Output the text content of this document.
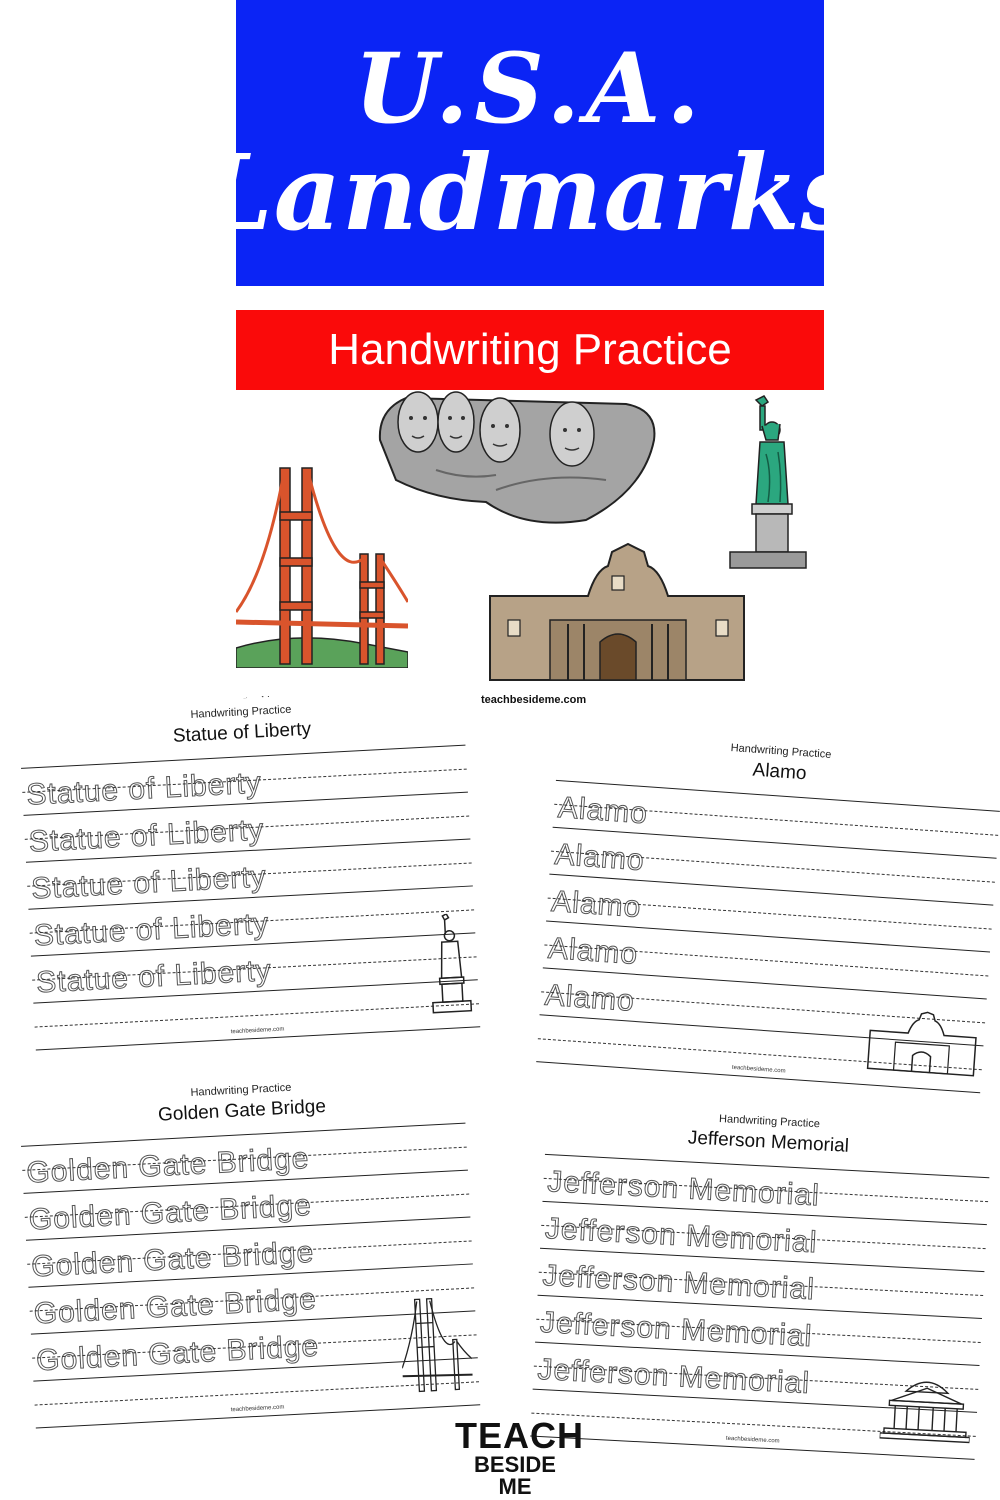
U.S.A.
Landmarks
Handwriting Practice
teachbesideme.com
Handwriting Practice
Statue of Liberty
Statue of Liberty
Statue of Liberty
Statue of Liberty
Statue of Liberty
Statue of Liberty
teachbesideme.com
Handwriting Practice
Alamo
Alamo
Alamo
Alamo
Alamo
Alamo
teachbesideme.com
Handwriting Practice
Golden Gate Bridge
Golden Gate Bridge
Golden Gate Bridge
Golden Gate Bridge
Golden Gate Bridge
Golden Gate Bridge
teachbesideme.com
Handwriting Practice
Jefferson Memorial
Jefferson Memorial
Jefferson Memorial
Jefferson Memorial
Jefferson Memorial
Jefferson Memorial
teachbesideme.com
TEACH
BESIDE ME
